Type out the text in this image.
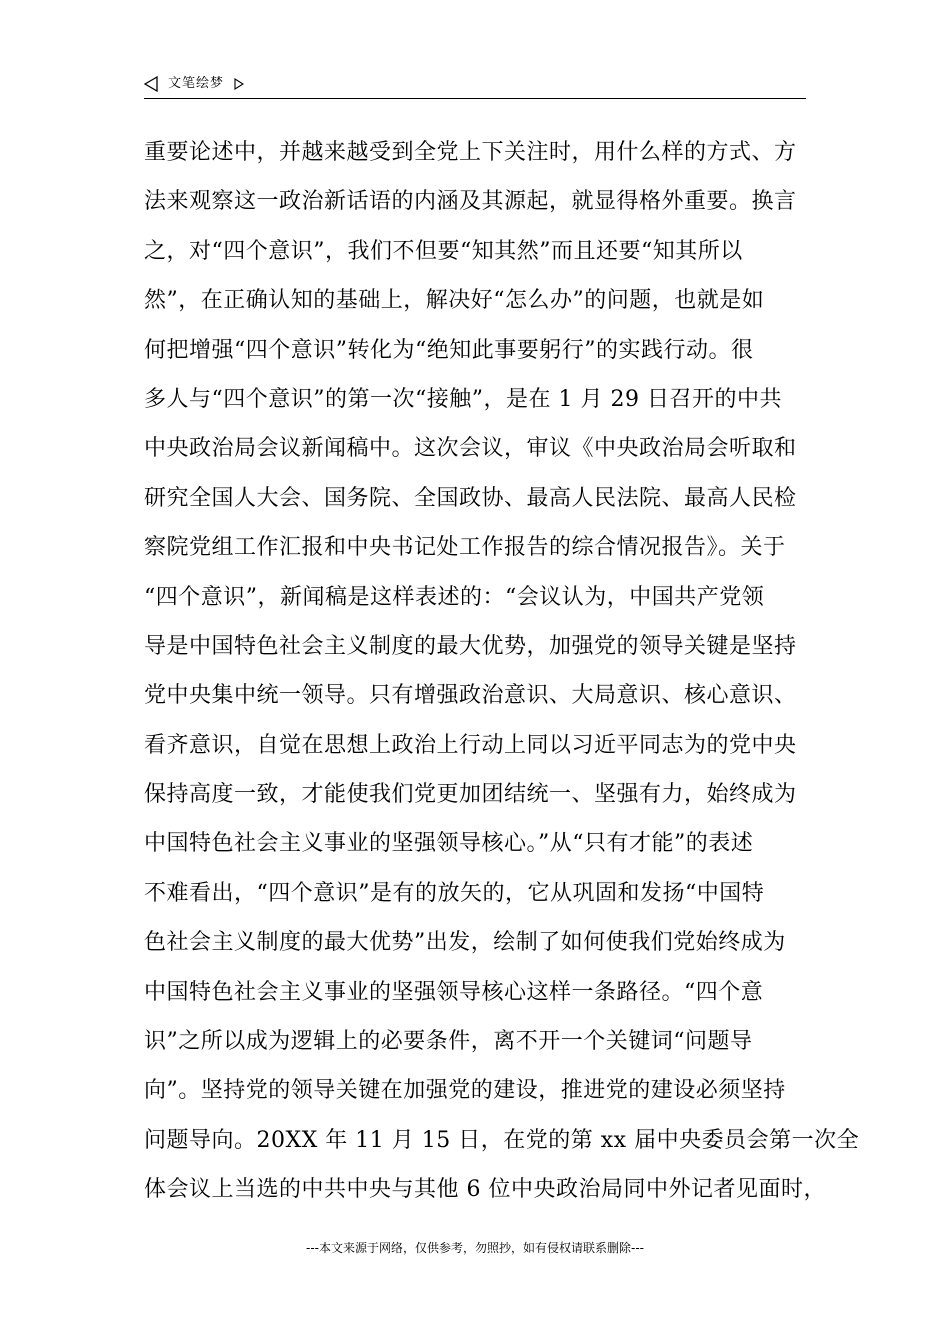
文笔绘梦
重要论述中，并越来越受到全党上下关注时，用什么样的方式、方
法来观察这一政治新话语的内涵及其源起，就显得格外重要。换言
之，对“四个意识”，我们不但要“知其然”而且还要“知其所以
然”，在正确认知的基础上，解决好“怎么办”的问题，也就是如
何把增强“四个意识”转化为“绝知此事要躬行”的实践行动。很
多人与“四个意识”的第一次“接触”，是在 1 月 29 日召开的中共
中央政治局会议新闻稿中。这次会议，审议《中央政治局会听取和
研究全国人大会、国务院、全国政协、最高人民法院、最高人民检
察院党组工作汇报和中央书记处工作报告的综合情况报告》。关于
“四个意识”，新闻稿是这样表述的：“会议认为，中国共产党领
导是中国特色社会主义制度的最大优势，加强党的领导关键是坚持
党中央集中统一领导。只有增强政治意识、大局意识、核心意识、
看齐意识，自觉在思想上政治上行动上同以习近平同志为的党中央
保持高度一致，才能使我们党更加团结统一、坚强有力，始终成为
中国特色社会主义事业的坚强领导核心。”从“只有才能”的表述
不难看出，“四个意识”是有的放矢的，它从巩固和发扬“中国特
色社会主义制度的最大优势”出发，绘制了如何使我们党始终成为
中国特色社会主义事业的坚强领导核心这样一条路径。“四个意
识”之所以成为逻辑上的必要条件，离不开一个关键词“问题导
向”。坚持党的领导关键在加强党的建设，推进党的建设必须坚持
问题导向。20XX 年 11 月 15 日，在党的第 xx 届中央委员会第一次全
体会议上当选的中共中央与其他 6 位中央政治局同中外记者见面时，
---本文来源于网络，仅供参考，勿照抄，如有侵权请联系删除---
